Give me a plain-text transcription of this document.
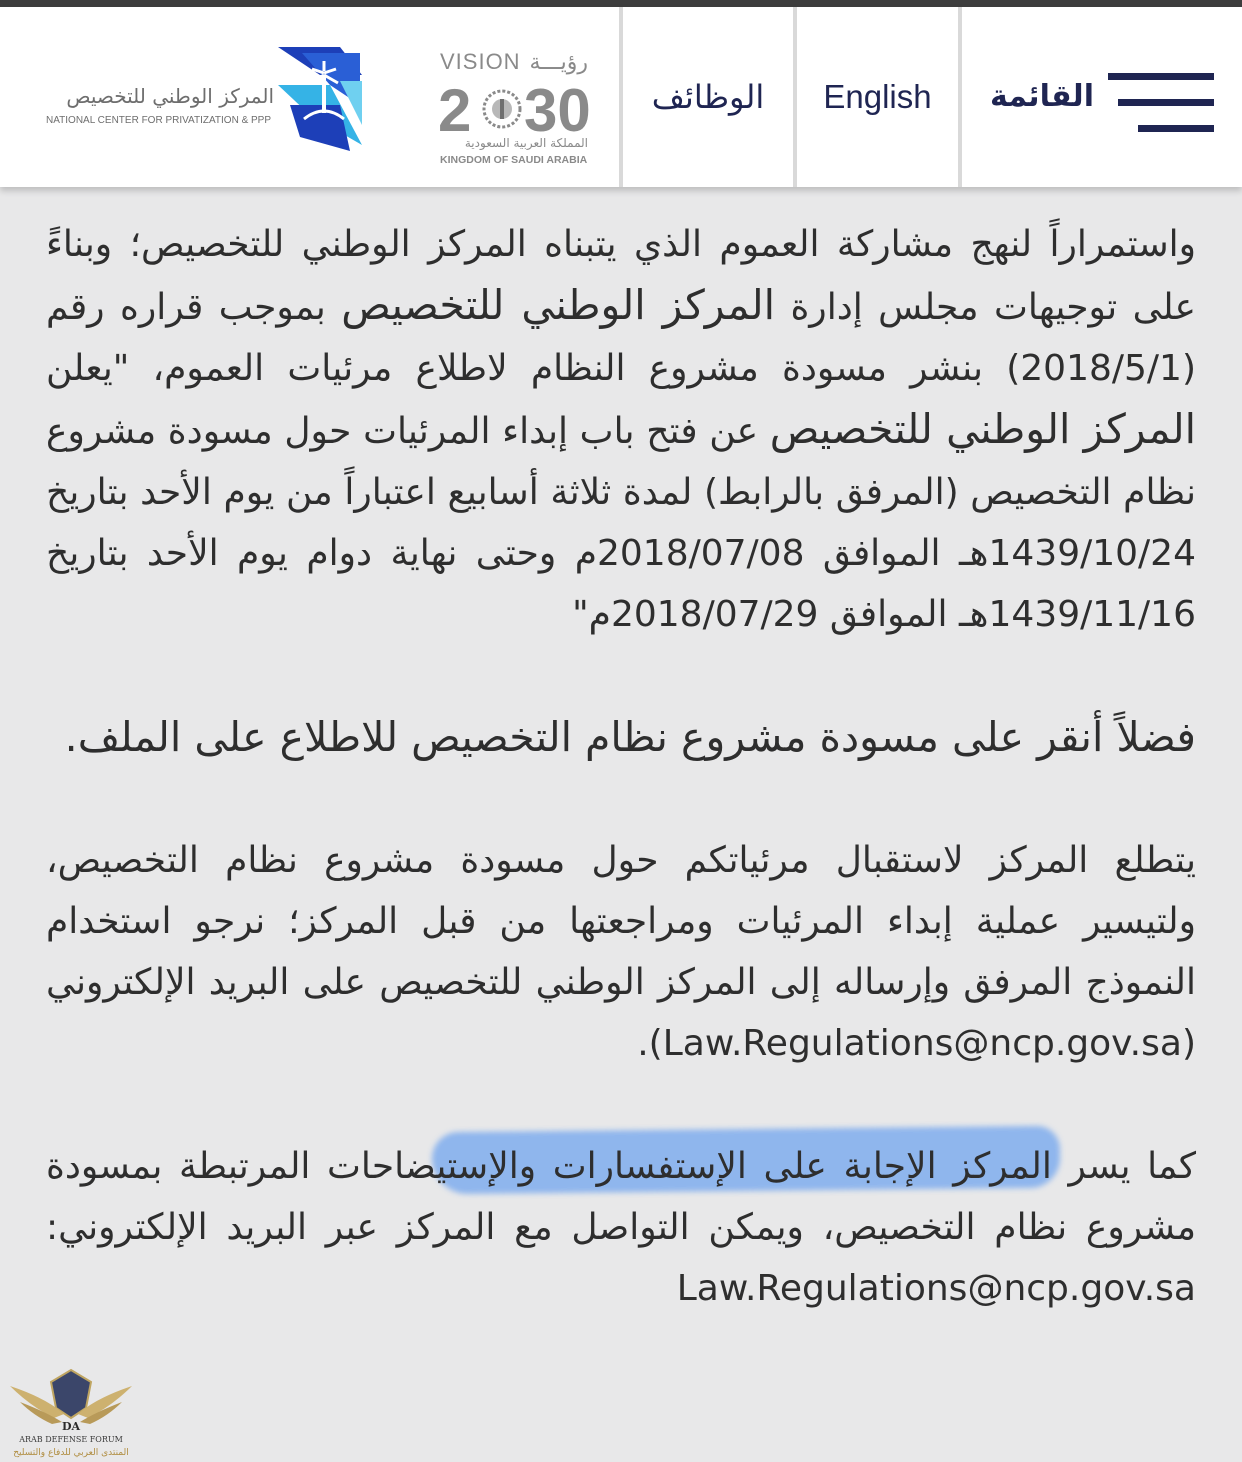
القائمة
English
الوظائف
VISION رؤيـــة
2 30
المملكة العربية السعودية
KINGDOM OF SAUDI ARABIA
المركز الوطني للتخصيص
NATIONAL CENTER FOR PRIVATIZATION & PPP

واستمراراً لنهج مشاركة العموم الذي يتبناه المركز الوطني للتخصيص؛ وبناءً على توجيهات مجلس إدارة المركز الوطني للتخصيص بموجب قراره رقم (2018/5/1) بنشر مسودة مشروع النظام لاطلاع مرئيات العموم، "يعلن المركز الوطني للتخصيص عن فتح باب إبداء المرئيات حول مسودة مشروع نظام التخصيص (المرفق بالرابط) لمدة ثلاثة أسابيع اعتباراً من يوم الأحد بتاريخ 1439/10/24هـ الموافق 2018/07/08م وحتى نهاية دوام يوم الأحد بتاريخ 1439/11/16هـ الموافق 2018/07/29م"

فضلاً أنقر على مسودة مشروع نظام التخصيص للاطلاع على الملف.

يتطلع المركز لاستقبال مرئياتكم حول مسودة مشروع نظام التخصيص، ولتيسير عملية إبداء المرئيات ومراجعتها من قبل المركز؛ نرجو استخدام النموذج المرفق وإرساله إلى المركز الوطني للتخصيص على البريد الإلكتروني (Law.Regulations@ncp.gov.sa).

كما يسر المركز الإجابة على الإستفسارات والإستيضاحات المرتبطة بمسودة مشروع نظام التخصيص، ويمكن التواصل مع المركز عبر البريد الإلكتروني: Law.Regulations@ncp.gov.sa

DA
ARAB DEFENSE FORUM
المنتدى العربي للدفاع والتسليح
